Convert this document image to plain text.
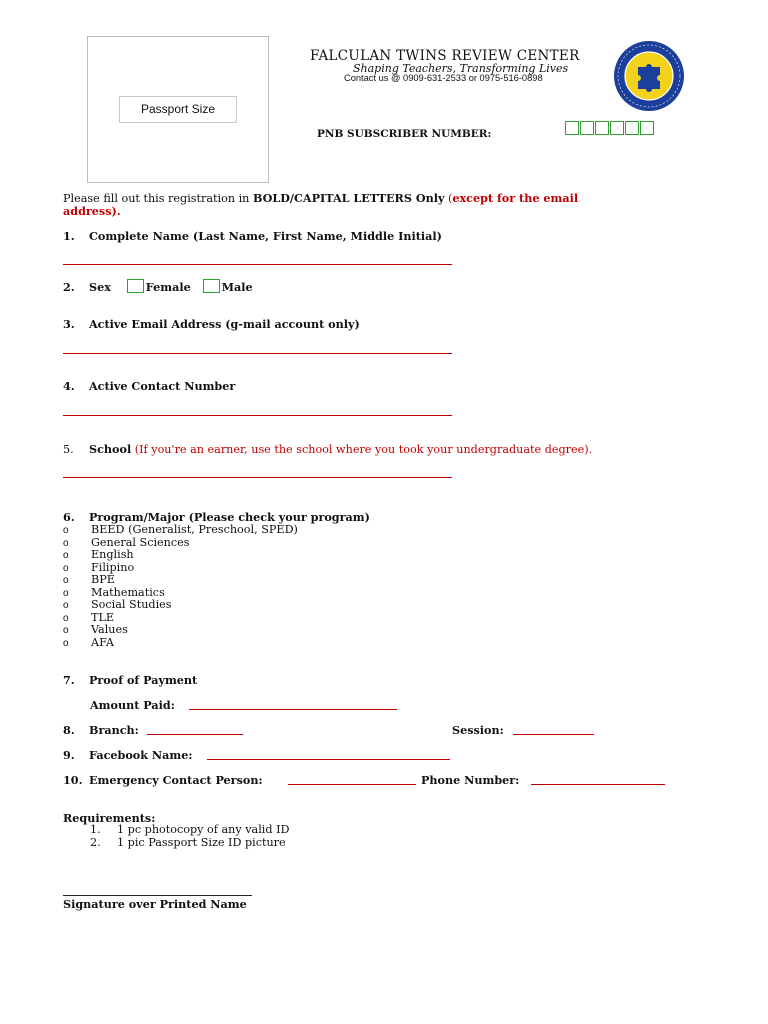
Passport Size
FALCULAN TWINS REVIEW CENTER
Shaping Teachers, Transforming Lives
Contact us @ 0909-631-2533 or 0975-516-0898
PNB SUBSCRIBER NUMBER:
Please fill out this registration in BOLD/CAPITAL LETTERS Only (except for the email
address).
1. Complete Name (Last Name, First Name, Middle Initial)
2. Sex	Female	Male
3. Active Email Address (g-mail account only)
4. Active Contact Number
5. School (If you're an earner, use the school where you took your undergraduate degree).
6. Program/Major (Please check your program)
o BEED (Generalist, Preschool, SPED)
o General Sciences
o English
o Filipino
o BPE
o Mathematics
o Social Studies
o TLE
o Values
o AFA
7. Proof of Payment
Amount Paid:
8. Branch:	Session:
9. Facebook Name:
10. Emergency Contact Person:	Phone Number:
Requirements:
1. 1 pc photocopy of any valid ID
2. 1 pic Passport Size ID picture
Signature over Printed Name
